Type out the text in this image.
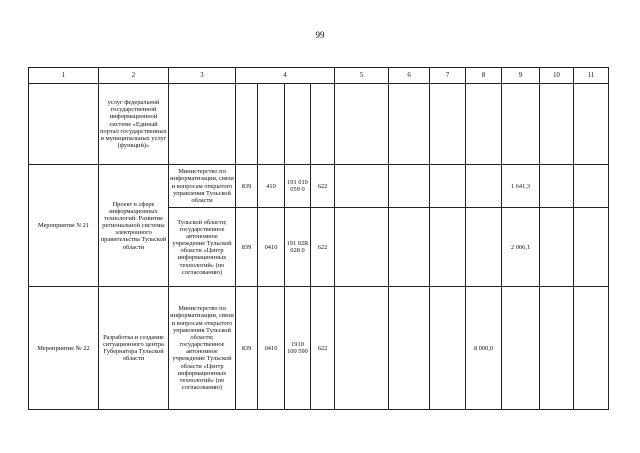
99
1	2	3	4				5	6	7	8	9	10	11	
	услуг федеральной государственной информационной системе «Единый портал государственных и муниципальных услуг (функций)»													
Мероприятие N 21	Проект в сфере информационных технологий: Развитие региональной системы электронного правительства Тульской области	Министерство по информатизации, связи и вопросам открытого управления Тульской области	839	410	191 010 059 0	622					1 641,3			
		Тульской области; государственное автономное учреждение Тульской области «Центр информационных технологий» (по согласованию)	839	0410	191 02R 028 0	622					2 006,1			
Мероприятие № 22	Разработка и создание ситуационного центра Губернатора Тульской области	Министерство по информатизации, связи и вопросам открытого управления Тульской области; государственное автономное учреждение Тульской области «Центр информационных технологий» (по согласованию)	839	0410	1910 100 590	622				8 000,0				
